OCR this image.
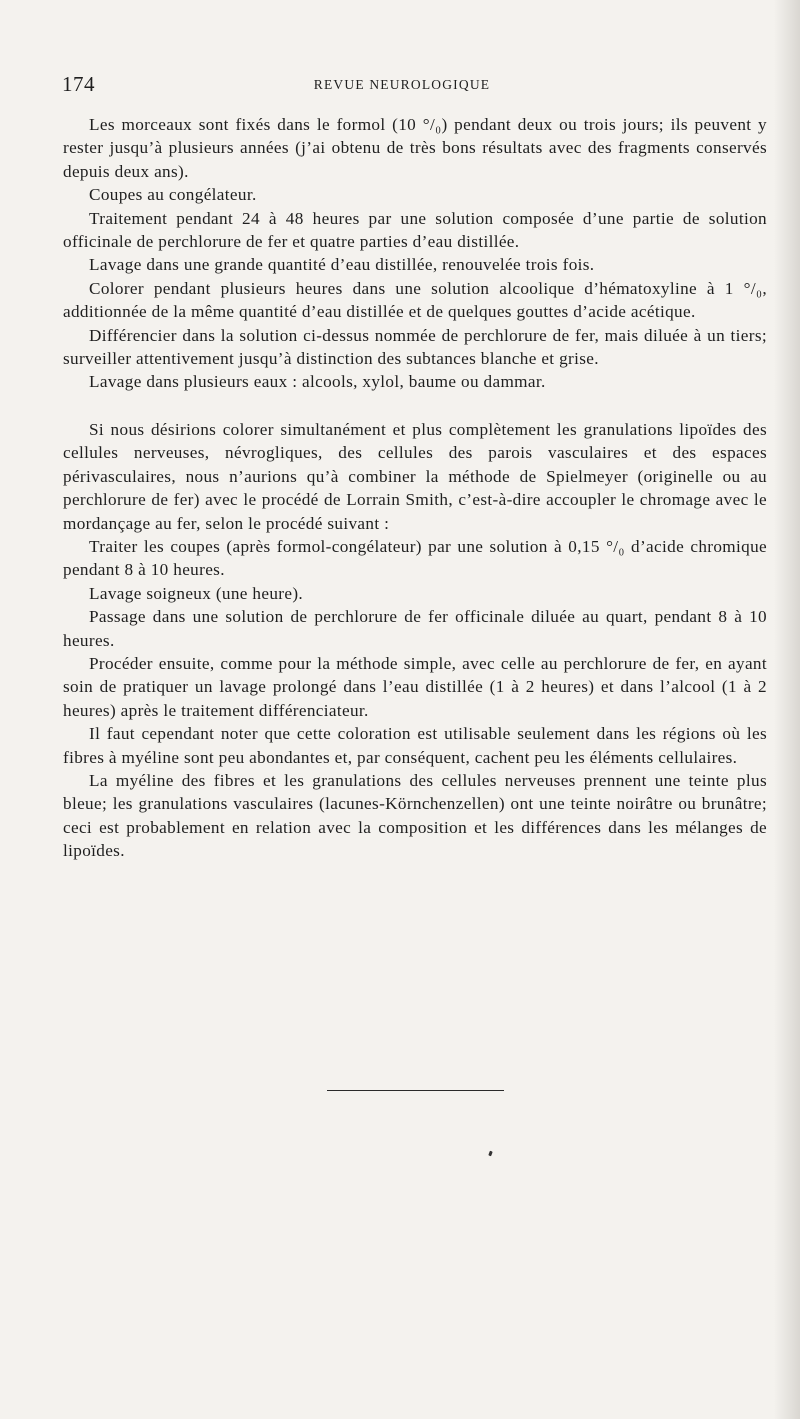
174	REVUE NEUROLOGIQUE

Les morceaux sont fixés dans le formol (10 °/₀) pendant deux ou trois jours; ils peuvent y rester jusqu’à plusieurs années (j’ai obtenu de très bons résultats avec des fragments conservés depuis deux ans).

Coupes au congélateur.

Traitement pendant 24 à 48 heures par une solution composée d’une partie de solution officinale de perchlorure de fer et quatre parties d’eau distillée.

Lavage dans une grande quantité d’eau distillée, renouvelée trois fois.

Colorer pendant plusieurs heures dans une solution alcoolique d’hématoxyline à 1 °/₀, additionnée de la même quantité d’eau distillée et de quelques gouttes d’acide acétique.

Différencier dans la solution ci-dessus nommée de perchlorure de fer, mais diluée à un tiers; surveiller attentivement jusqu’à distinction des subtances blanche et grise.

Lavage dans plusieurs eaux : alcools, xylol, baume ou dammar.

Si nous désirions colorer simultanément et plus complètement les granulations lipoïdes des cellules nerveuses, névrogliques, des cellules des parois vasculaires et des espaces périvasculaires, nous n’aurions qu’à combiner la méthode de Spielmeyer (originelle ou au perchlorure de fer) avec le procédé de Lorrain Smith, c’est-à-dire accoupler le chromage avec le mordançage au fer, selon le procédé suivant :

Traiter les coupes (après formol-congélateur) par une solution à 0,15 °/₀ d’acide chromique pendant 8 à 10 heures.

Lavage soigneux (une heure).

Passage dans une solution de perchlorure de fer officinale diluée au quart, pendant 8 à 10 heures.

Procéder ensuite, comme pour la méthode simple, avec celle au perchlorure de fer, en ayant soin de pratiquer un lavage prolongé dans l’eau distillée (1 à 2 heures) et dans l’alcool (1 à 2 heures) après le traitement différenciateur.

Il faut cependant noter que cette coloration est utilisable seulement dans les régions où les fibres à myéline sont peu abondantes et, par conséquent, cachent peu les éléments cellulaires.

La myéline des fibres et les granulations des cellules nerveuses prennent une teinte plus bleue; les granulations vasculaires (lacunes-Körnchenzellen) ont une teinte noirâtre ou brunâtre; ceci est probablement en relation avec la composition et les différences dans les mélanges de lipoïdes.
